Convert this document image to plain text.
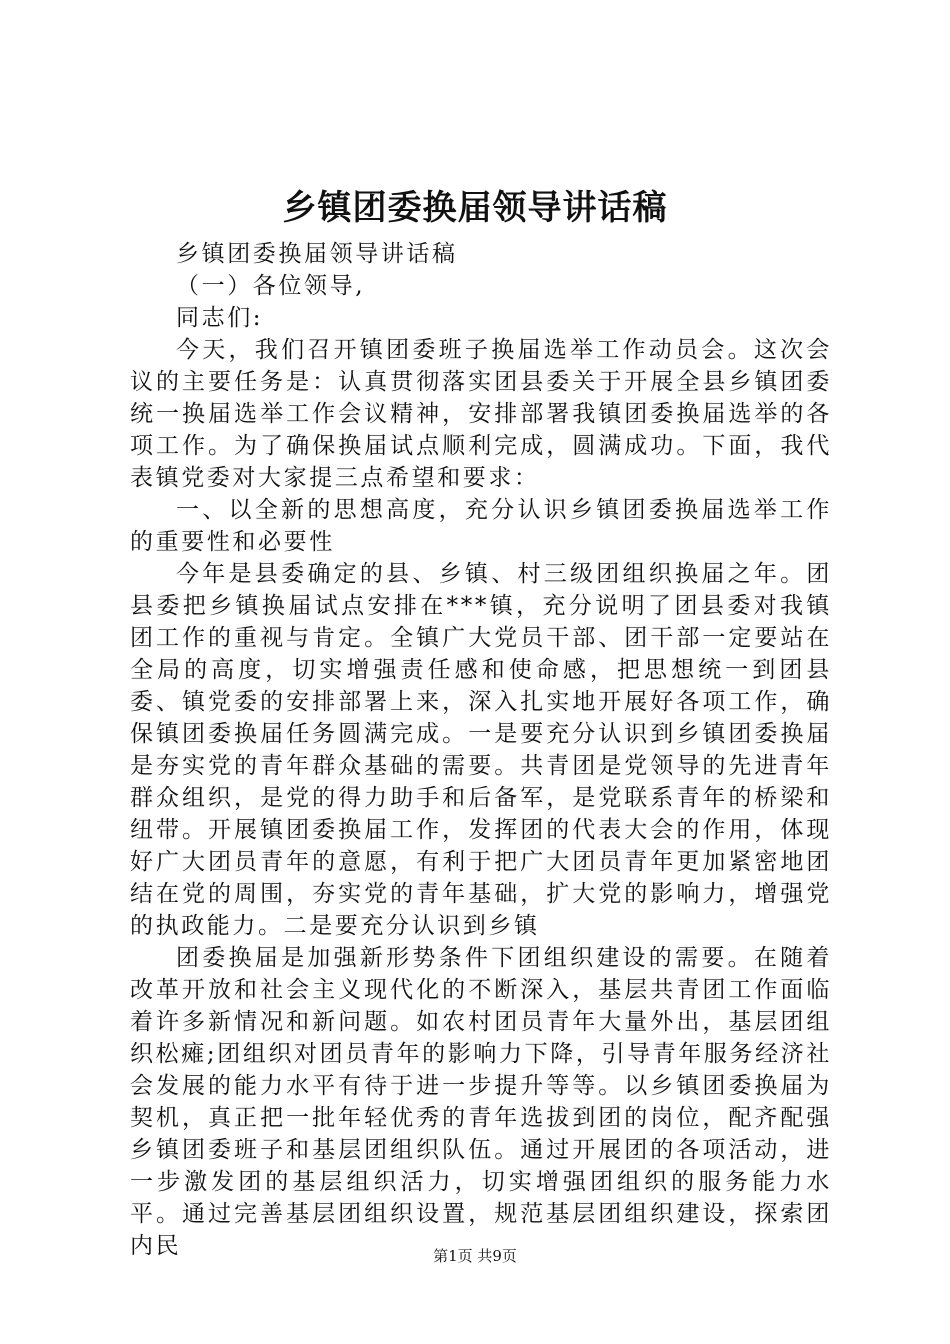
乡镇团委换届领导讲话稿

乡镇团委换届领导讲话稿

（一）各位领导,

同志们:

今天，我们召开镇团委班子换届选举工作动员会。这次会议的主要任务是：认真贯彻落实团县委关于开展全县乡镇团委统一换届选举工作会议精神，安排部署我镇团委换届选举的各项工作。为了确保换届试点顺利完成，圆满成功。下面，我代表镇党委对大家提三点希望和要求：

一、以全新的思想高度，充分认识乡镇团委换届选举工作的重要性和必要性

今年是县委确定的县、乡镇、村三级团组织换届之年。团县委把乡镇换届试点安排在***镇，充分说明了团县委对我镇团工作的重视与肯定。全镇广大党员干部、团干部一定要站在全局的高度，切实增强责任感和使命感，把思想统一到团县委、镇党委的安排部署上来，深入扎实地开展好各项工作，确保镇团委换届任务圆满完成。一是要充分认识到乡镇团委换届是夯实党的青年群众基础的需要。共青团是党领导的先进青年群众组织，是党的得力助手和后备军，是党联系青年的桥梁和纽带。开展镇团委换届工作，发挥团的代表大会的作用，体现好广大团员青年的意愿，有利于把广大团员青年更加紧密地团结在党的周围，夯实党的青年基础，扩大党的影响力，增强党的执政能力。二是要充分认识到乡镇

团委换届是加强新形势条件下团组织建设的需要。在随着改革开放和社会主义现代化的不断深入，基层共青团工作面临着许多新情况和新问题。如农村团员青年大量外出，基层团组织松瘫;团组织对团员青年的影响力下降，引导青年服务经济社会发展的能力水平有待于进一步提升等等。以乡镇团委换届为契机，真正把一批年轻优秀的青年选拔到团的岗位，配齐配强乡镇团委班子和基层团组织队伍。通过开展团的各项活动，进一步激发团的基层组织活力，切实增强团组织的服务能力水平。通过完善基层团组织设置，规范基层团组织建设，探索团内民	第1页 共9页
